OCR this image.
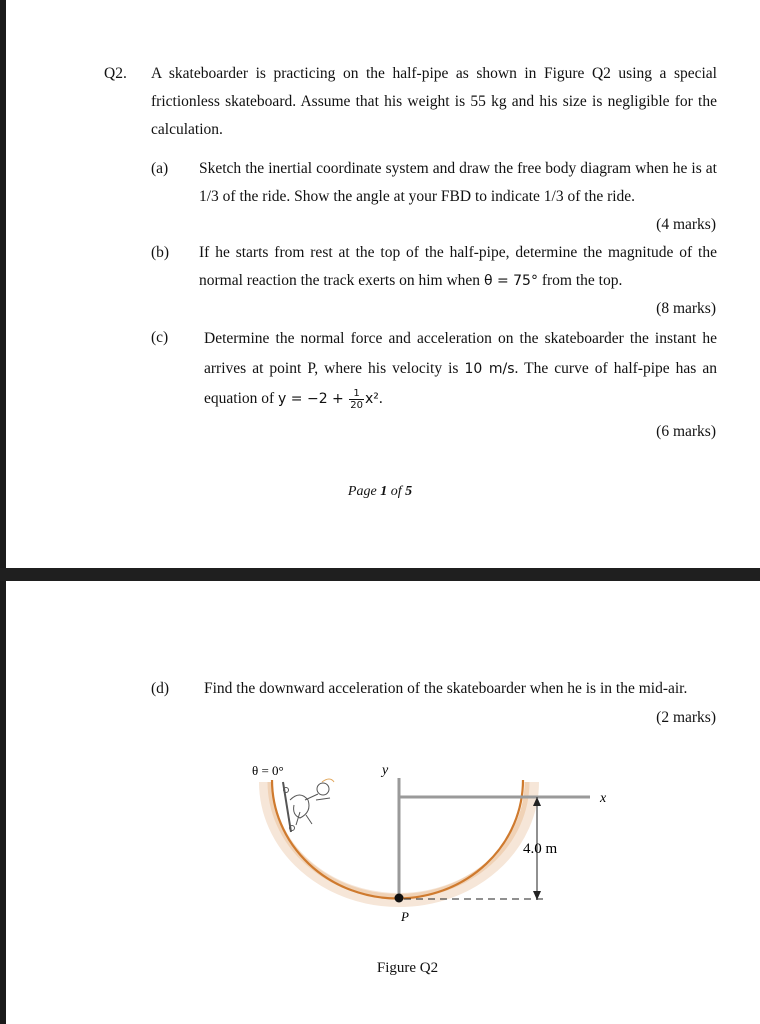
Q2. A skateboarder is practicing on the half-pipe as shown in Figure Q2 using a special frictionless skateboard. Assume that his weight is 55 kg and his size is negligible for the calculation.
(a) Sketch the inertial coordinate system and draw the free body diagram when he is at 1/3 of the ride. Show the angle at your FBD to indicate 1/3 of the ride.
(4 marks)
(b) If he starts from rest at the top of the half-pipe, determine the magnitude of the normal reaction the track exerts on him when θ = 75° from the top.
(8 marks)
(c) Determine the normal force and acceleration on the skateboarder the instant he arrives at point P, where his velocity is 10 m/s. The curve of half-pipe has an equation of $y = -2 + \frac{1}{20} x^2$.
(6 marks)
Page 1 of 5
(d) Find the downward acceleration of the skateboarder when he is in the mid-air.
(2 marks)
θ = 0°	y
x
4.0 m
P
Figure Q2
